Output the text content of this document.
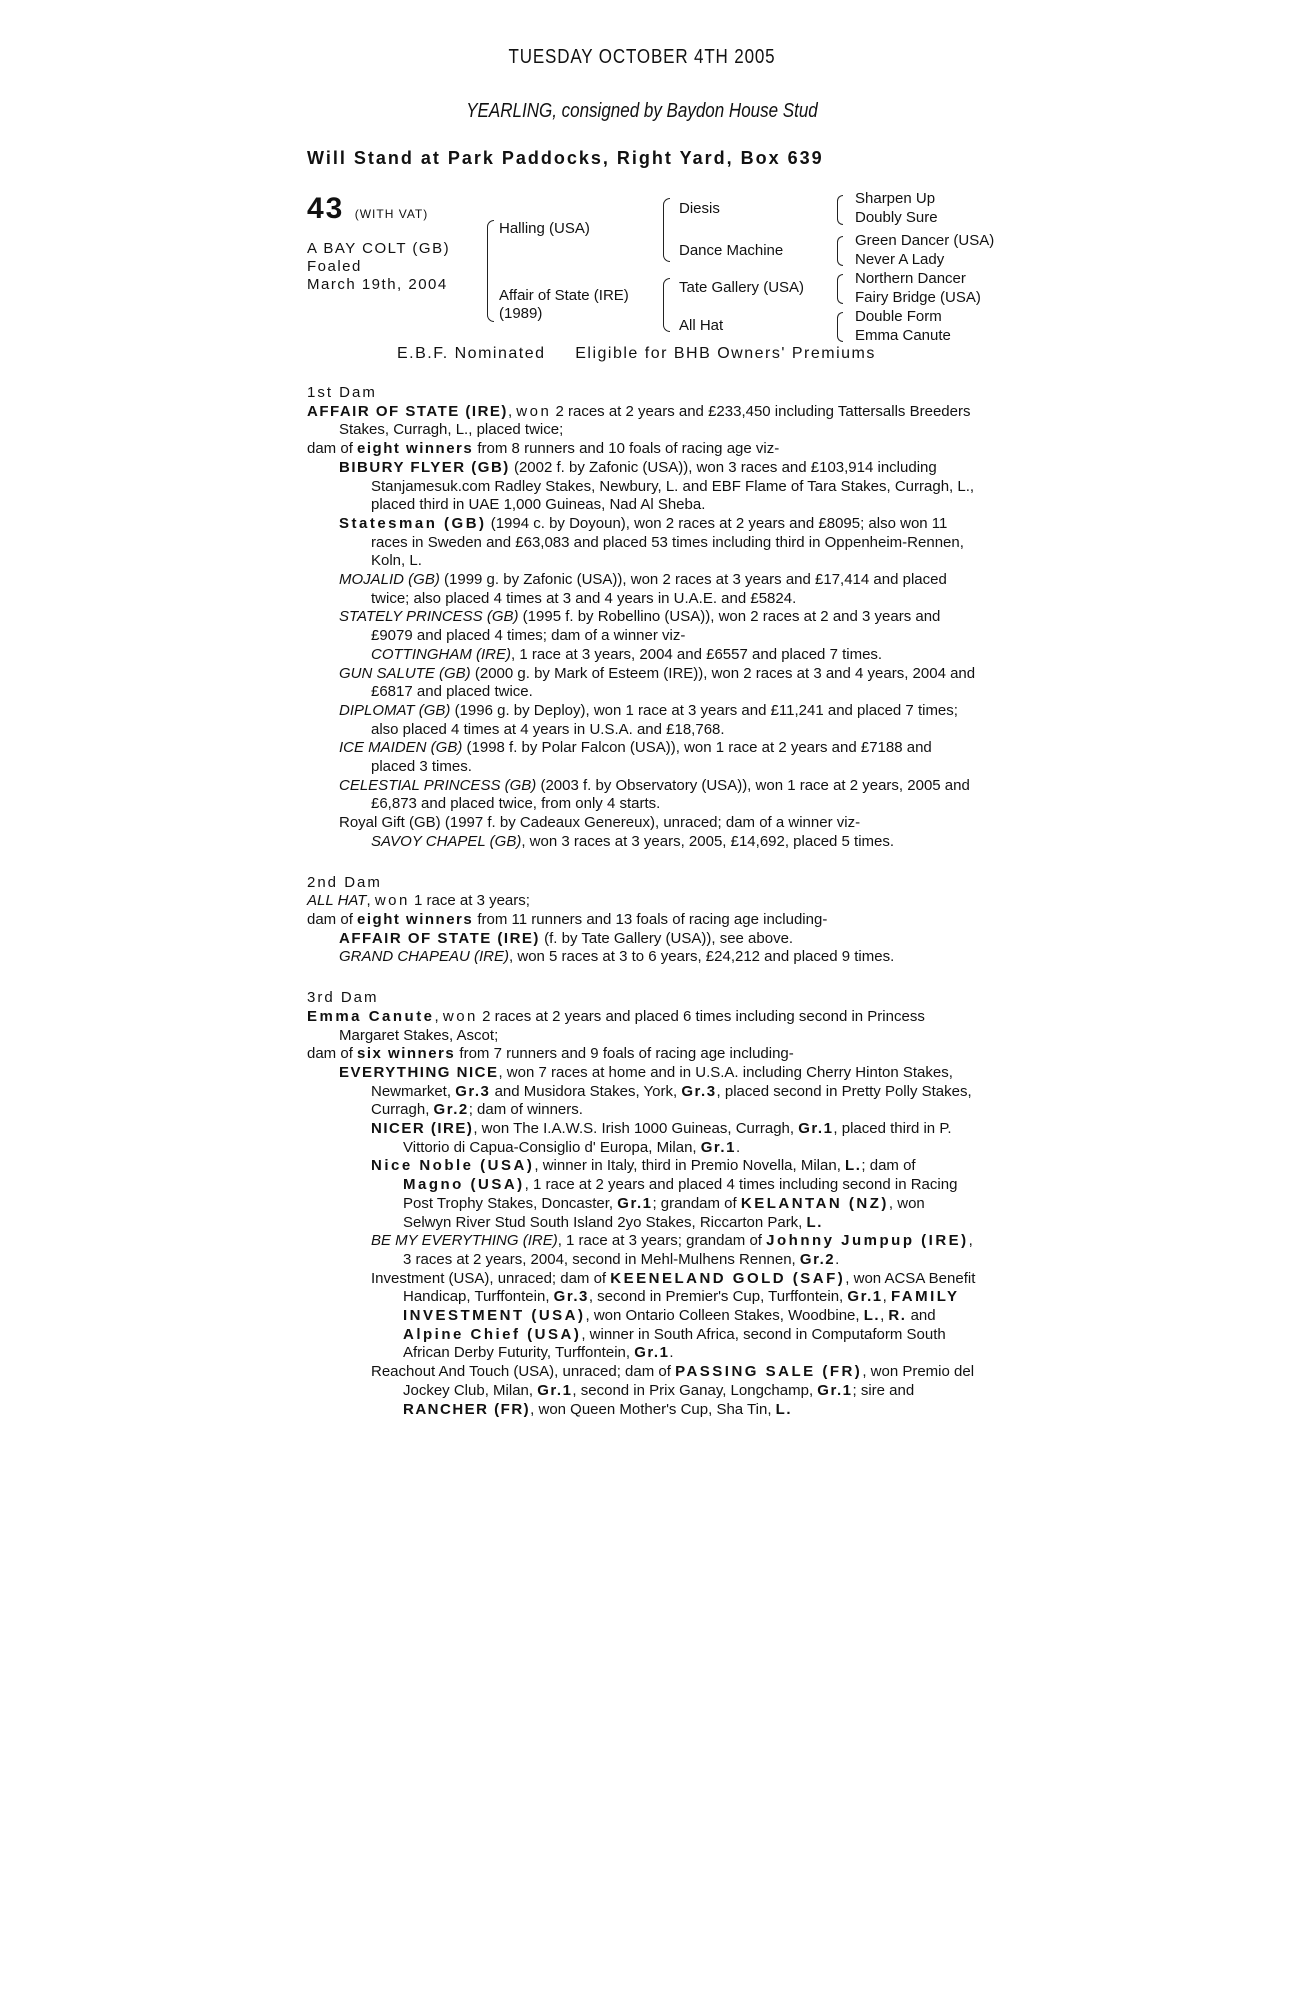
TUESDAY OCTOBER 4TH 2005
YEARLING, consigned by Baydon House Stud
Will Stand at Park Paddocks, Right Yard, Box 639
43 (WITH VAT)
A BAY COLT (GB)
Foaled
March 19th, 2004
Halling (USA)
Affair of State (IRE)
(1989)
Diesis
Dance Machine
Tate Gallery (USA)
All Hat
Sharpen Up
Doubly Sure
Green Dancer (USA)
Never A Lady
Northern Dancer
Fairy Bridge (USA)
Double Form
Emma Canute
E.B.F. Nominated Eligible for BHB Owners' Premiums

1st Dam

AFFAIR OF STATE (IRE), won 2 races at 2 years and £233,450 including Tattersalls Breeders Stakes, Curragh, L., placed twice;

dam of eight winners from 8 runners and 10 foals of racing age viz-

BIBURY FLYER (GB) (2002 f. by Zafonic (USA)), won 3 races and £103,914 including Stanjamesuk.com Radley Stakes, Newbury, L. and EBF Flame of Tara Stakes, Curragh, L., placed third in UAE 1,000 Guineas, Nad Al Sheba.

Statesman (GB) (1994 c. by Doyoun), won 2 races at 2 years and £8095; also won 11 races in Sweden and £63,083 and placed 53 times including third in Oppenheim-Rennen, Koln, L.

MOJALID (GB) (1999 g. by Zafonic (USA)), won 2 races at 3 years and £17,414 and placed twice; also placed 4 times at 3 and 4 years in U.A.E. and £5824.

STATELY PRINCESS (GB) (1995 f. by Robellino (USA)), won 2 races at 2 and 3 years and £9079 and placed 4 times; dam of a winner viz-

COTTINGHAM (IRE), 1 race at 3 years, 2004 and £6557 and placed 7 times.

GUN SALUTE (GB) (2000 g. by Mark of Esteem (IRE)), won 2 races at 3 and 4 years, 2004 and £6817 and placed twice.

DIPLOMAT (GB) (1996 g. by Deploy), won 1 race at 3 years and £11,241 and placed 7 times; also placed 4 times at 4 years in U.S.A. and £18,768.

ICE MAIDEN (GB) (1998 f. by Polar Falcon (USA)), won 1 race at 2 years and £7188 and placed 3 times.

CELESTIAL PRINCESS (GB) (2003 f. by Observatory (USA)), won 1 race at 2 years, 2005 and £6,873 and placed twice, from only 4 starts.

Royal Gift (GB) (1997 f. by Cadeaux Genereux), unraced; dam of a winner viz-

SAVOY CHAPEL (GB), won 3 races at 3 years, 2005, £14,692, placed 5 times.

2nd Dam

ALL HAT, won 1 race at 3 years;

dam of eight winners from 11 runners and 13 foals of racing age including-

AFFAIR OF STATE (IRE) (f. by Tate Gallery (USA)), see above.

GRAND CHAPEAU (IRE), won 5 races at 3 to 6 years, £24,212 and placed 9 times.

3rd Dam

Emma Canute, won 2 races at 2 years and placed 6 times including second in Princess Margaret Stakes, Ascot;

dam of six winners from 7 runners and 9 foals of racing age including-

EVERYTHING NICE, won 7 races at home and in U.S.A. including Cherry Hinton Stakes, Newmarket, Gr.3 and Musidora Stakes, York, Gr.3, placed second in Pretty Polly Stakes, Curragh, Gr.2; dam of winners.

NICER (IRE), won The I.A.W.S. Irish 1000 Guineas, Curragh, Gr.1, placed third in P. Vittorio di Capua-Consiglio d' Europa, Milan, Gr.1.

Nice Noble (USA), winner in Italy, third in Premio Novella, Milan, L.; dam of Magno (USA), 1 race at 2 years and placed 4 times including second in Racing Post Trophy Stakes, Doncaster, Gr.1; grandam of KELANTAN (NZ), won Selwyn River Stud South Island 2yo Stakes, Riccarton Park, L.

BE MY EVERYTHING (IRE), 1 race at 3 years; grandam of Johnny Jumpup (IRE), 3 races at 2 years, 2004, second in Mehl-Mulhens Rennen, Gr.2.

Investment (USA), unraced; dam of KEENELAND GOLD (SAF), won ACSA Benefit Handicap, Turffontein, Gr.3, second in Premier's Cup, Turffontein, Gr.1, FAMILY INVESTMENT (USA), won Ontario Colleen Stakes, Woodbine, L., R. and Alpine Chief (USA), winner in South Africa, second in Computaform South African Derby Futurity, Turffontein, Gr.1.

Reachout And Touch (USA), unraced; dam of PASSING SALE (FR), won Premio del Jockey Club, Milan, Gr.1, second in Prix Ganay, Longchamp, Gr.1; sire and RANCHER (FR), won Queen Mother's Cup, Sha Tin, L.
